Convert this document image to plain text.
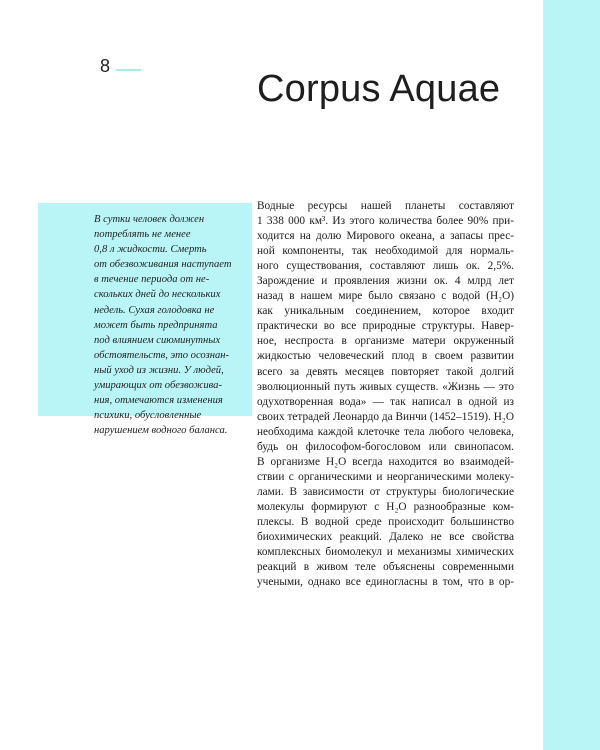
8
Corpus Aquae
В сутки человек должен
потреблять не менее
0,8 л жидкости. Смерть
от обезвоживания наступает
в течение периода от не-
скольких дней до нескольких
недель. Сухая голодовка не
может быть предпринята
под влиянием сиюминутных
обстоятельств, это осознан-
ный уход из жизни. У людей,
умирающих от обезвожива-
ния, отмечаются изменения
психики, обусловленные
нарушением водного баланса.
Водные ресурсы нашей планеты составляют
1 338 000 км³. Из этого количества более 90% при-
ходится на долю Мирового океана, а запасы прес-
ной компоненты, так необходимой для нормаль-
ного существования, составляют лишь ок. 2,5%.
Зарождение и проявления жизни ок. 4 млрд лет
назад в нашем мире было связано с водой (H₂O)
как уникальным соединением, которое входит
практически во все природные структуры. Навер-
ное, неспроста в организме матери окруженный
жидкостью человеческий плод в своем развитии
всего за девять месяцев повторяет такой долгий
эволюционный путь живых существ. «Жизнь — это
одухотворенная вода» — так написал в одной из
своих тетрадей Леонардо да Винчи (1452–1519). H₂O
необходима каждой клеточке тела любого человека,
будь он философом-богословом или свинопасом.
В организме H₂O всегда находится во взаимодей-
ствии с органическими и неорганическими молеку-
лами. В зависимости от структуры биологические
молекулы формируют с H₂O разнообразные ком-
плексы. В водной среде происходит большинство
биохимических реакций. Далеко не все свойства
комплексных биомолекул и механизмы химических
реакций в живом теле объяснены современными
учеными, однако все единогласны в том, что в ор-
